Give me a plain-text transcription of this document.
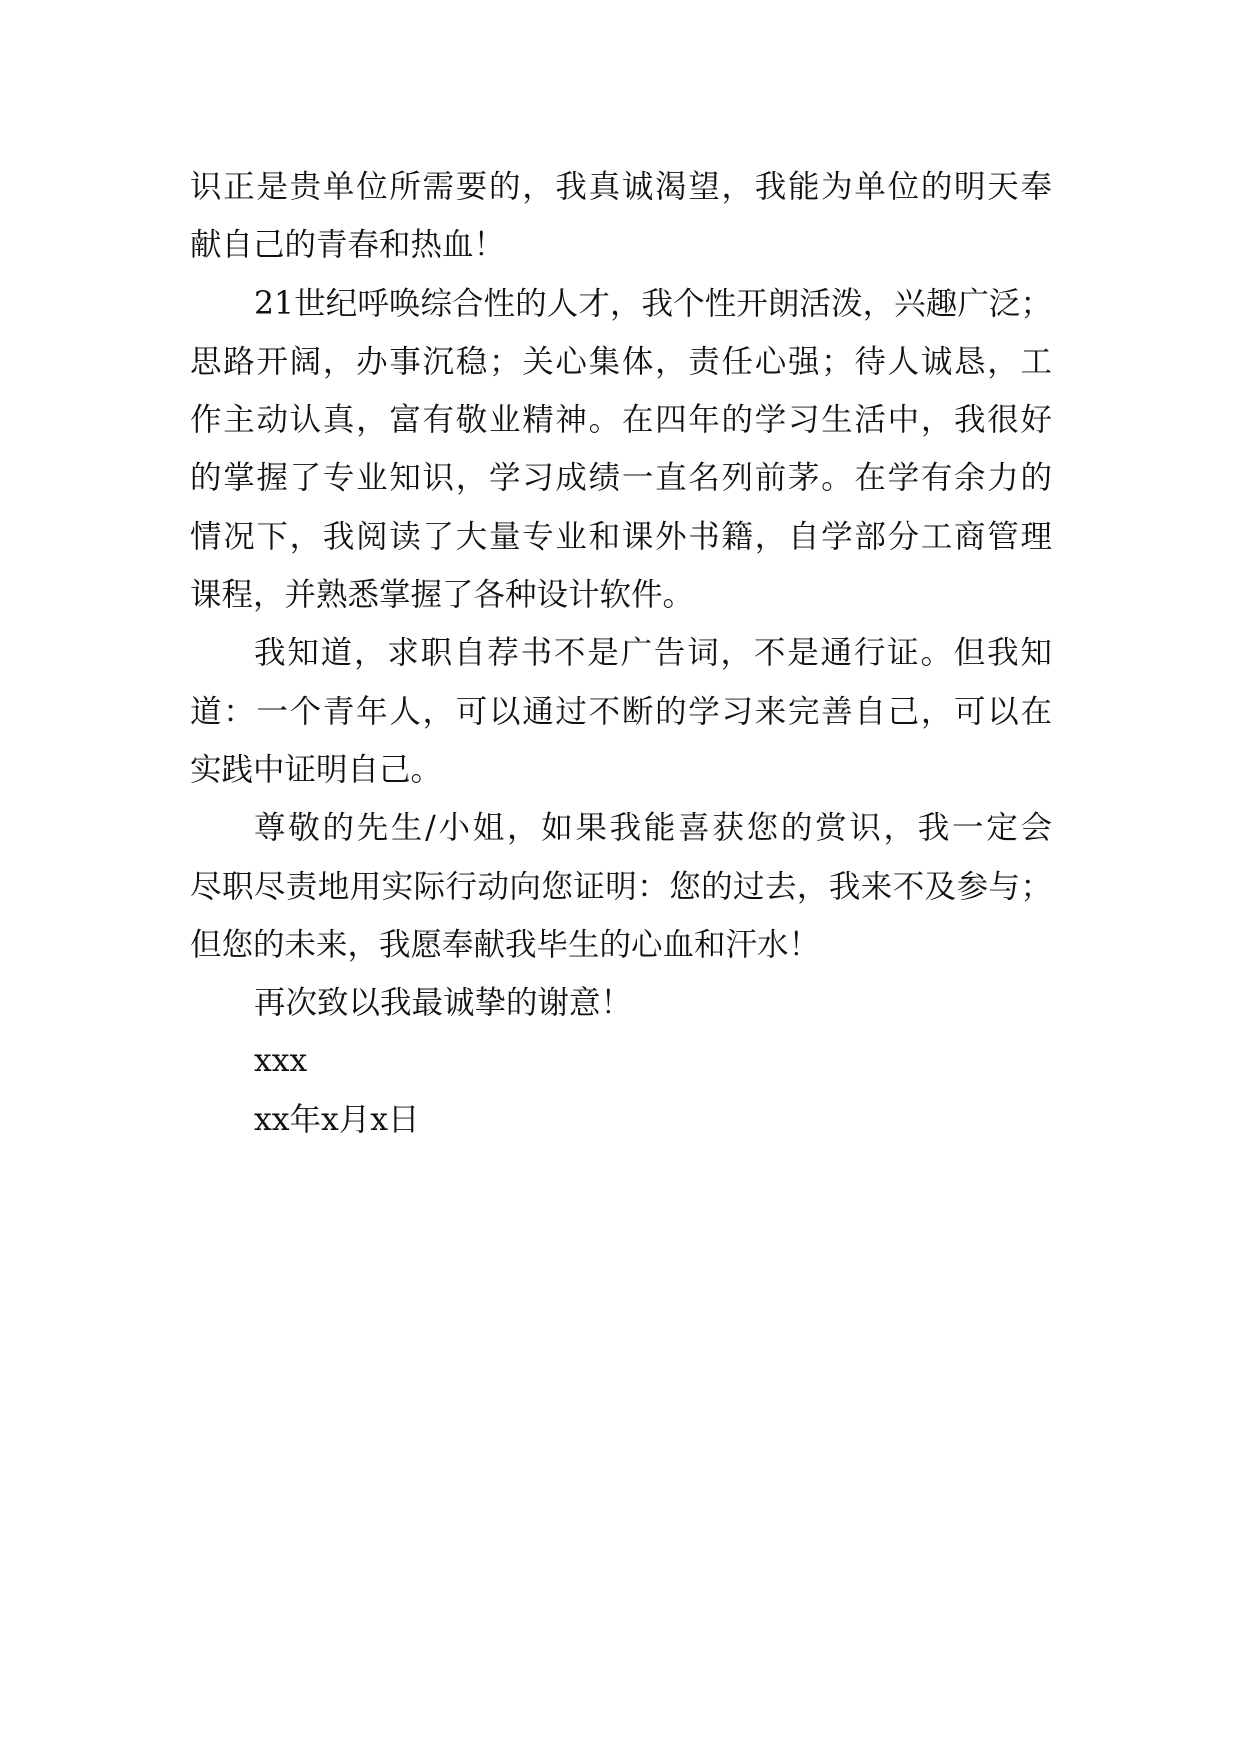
识正是贵单位所需要的，我真诚渴望，我能为单位的明天奉
献自己的青春和热血！
21世纪呼唤综合性的人才，我个性开朗活泼，兴趣广泛；
思路开阔，办事沉稳；关心集体，责任心强；待人诚恳，工
作主动认真，富有敬业精神。在四年的学习生活中，我很好
的掌握了专业知识，学习成绩一直名列前茅。在学有余力的
情况下，我阅读了大量专业和课外书籍，自学部分工商管理
课程，并熟悉掌握了各种设计软件。
我知道，求职自荐书不是广告词，不是通行证。但我知
道：一个青年人，可以通过不断的学习来完善自己，可以在
实践中证明自己。
尊敬的先生/小姐，如果我能喜获您的赏识，我一定会
尽职尽责地用实际行动向您证明：您的过去，我来不及参与；
但您的未来，我愿奉献我毕生的心血和汗水！
再次致以我最诚挚的谢意！
xxx
xx年x月x日
